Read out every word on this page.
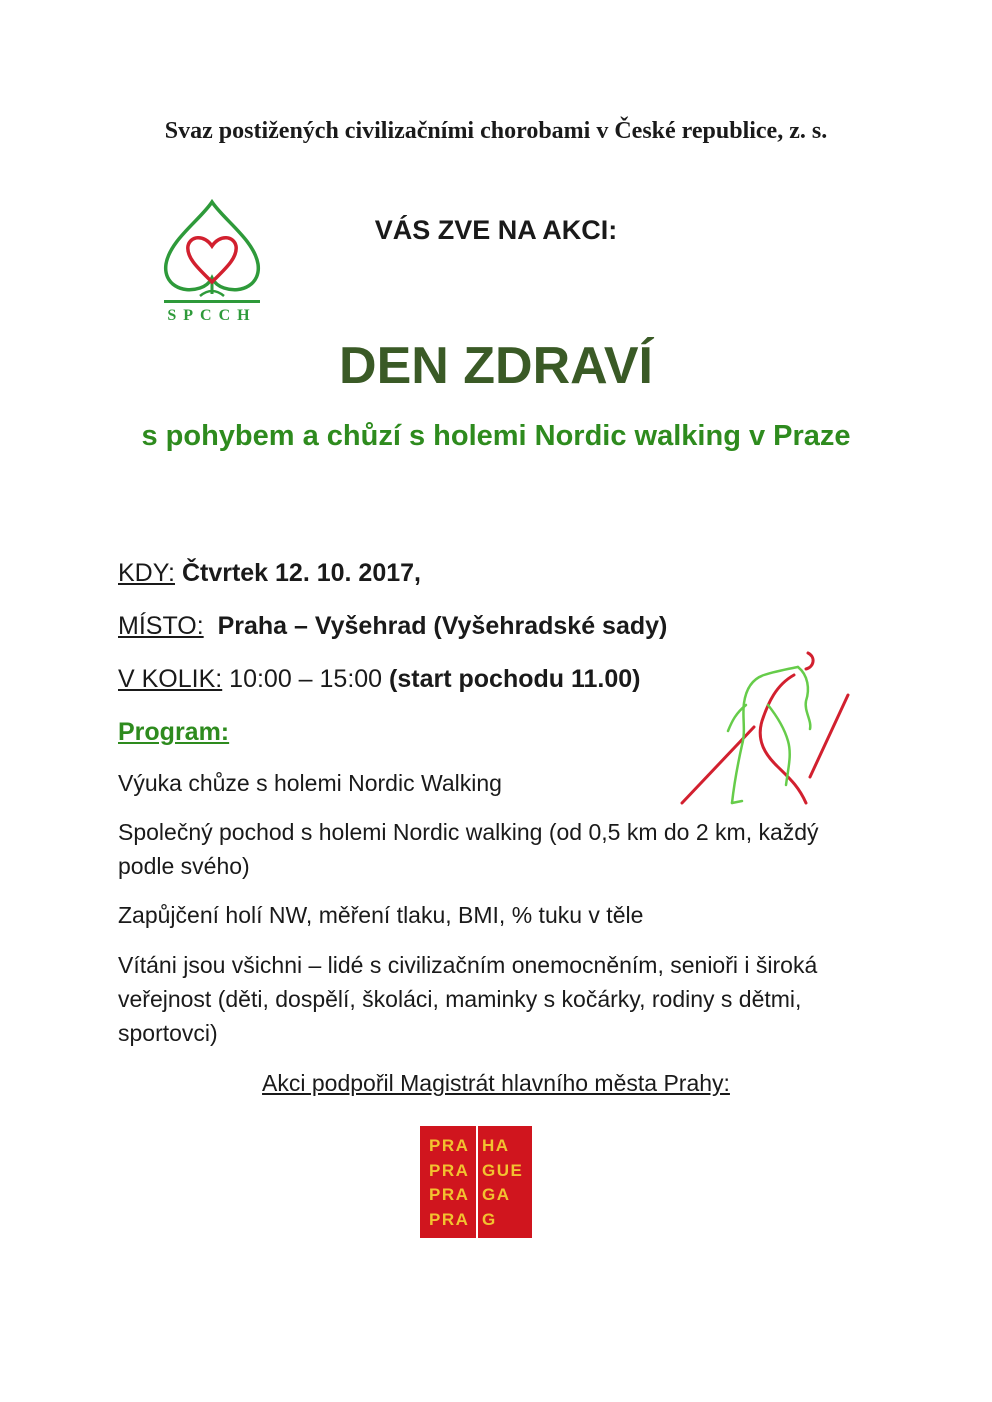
Svaz postižených civilizačními chorobami v České republice, z. s.
SPCCH
VÁS ZVE NA AKCI:
DEN ZDRAVÍ
s pohybem a chůzí s holemi Nordic walking v Praze
KDY: Čtvrtek 12. 10. 2017,
MÍSTO: Praha – Vyšehrad (Vyšehradské sady)
V KOLIK: 10:00 – 15:00 (start pochodu 11.00)
Program:
Výuka chůze s holemi Nordic Walking
Společný pochod s holemi Nordic walking (od 0,5 km do 2 km, každý podle svého)
Zapůjčení holí NW, měření tlaku, BMI, % tuku v těle
Vítáni jsou všichni – lidé s civilizačním onemocněním, senioři i široká veřejnost (děti, dospělí, školáci, maminky s kočárky, rodiny s dětmi, sportovci)
Akci podpořil Magistrát hlavního města Prahy:
PRA
PRA
PRA
PRA
HA
GUE
GA
G
